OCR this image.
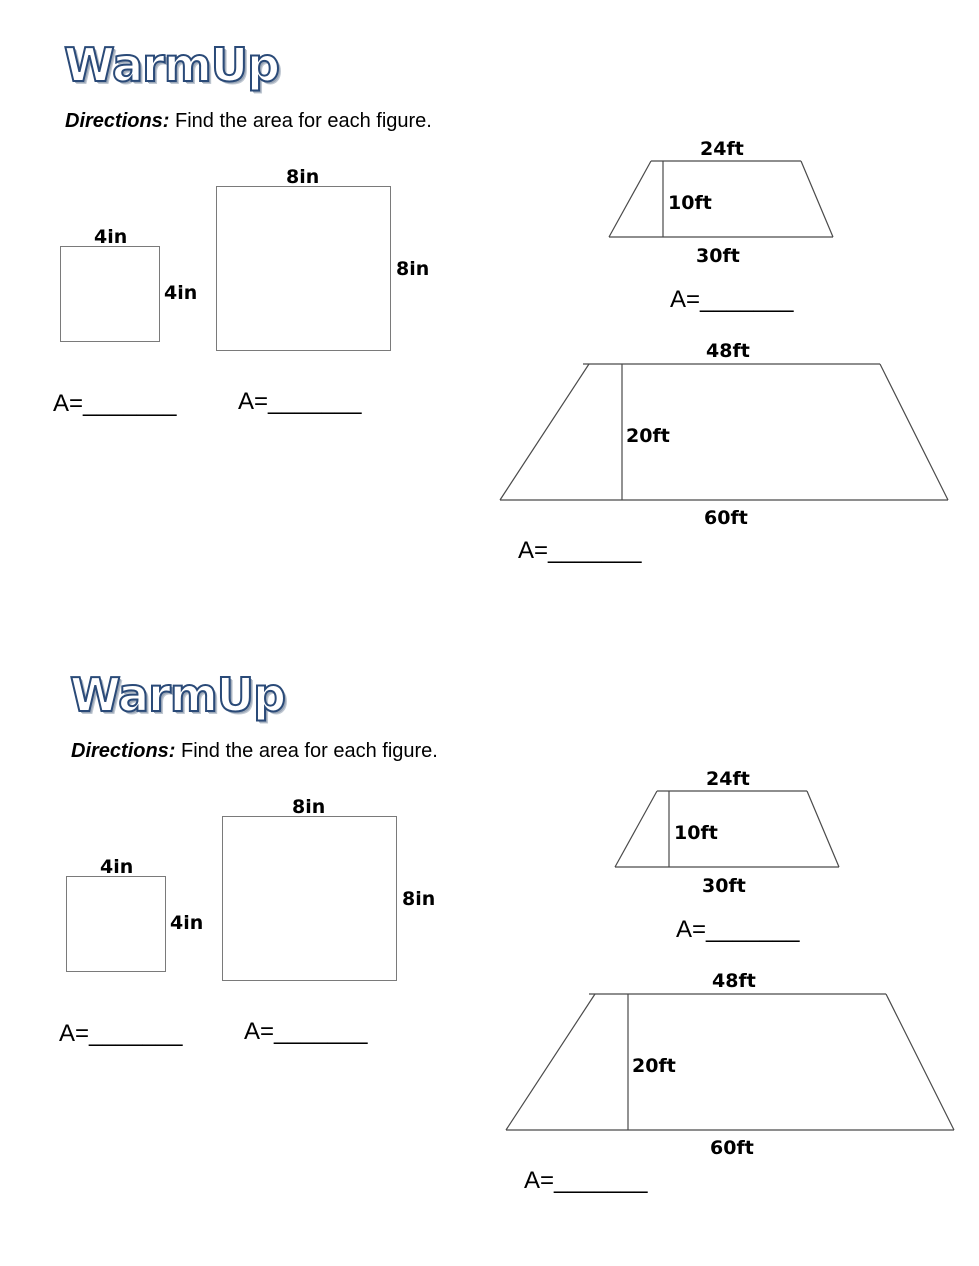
WarmUp

Directions: Find the area for each figure.

4in

4in

A=_______

8in

8in

A=_______

24ft

10ft

30ft

A=_______

48ft

20ft

60ft

A=_______

WarmUp

Directions: Find the area for each figure.

4in

4in

A=_______

8in

8in

A=_______

24ft

10ft

30ft

A=_______

48ft

20ft

60ft

A=_______
